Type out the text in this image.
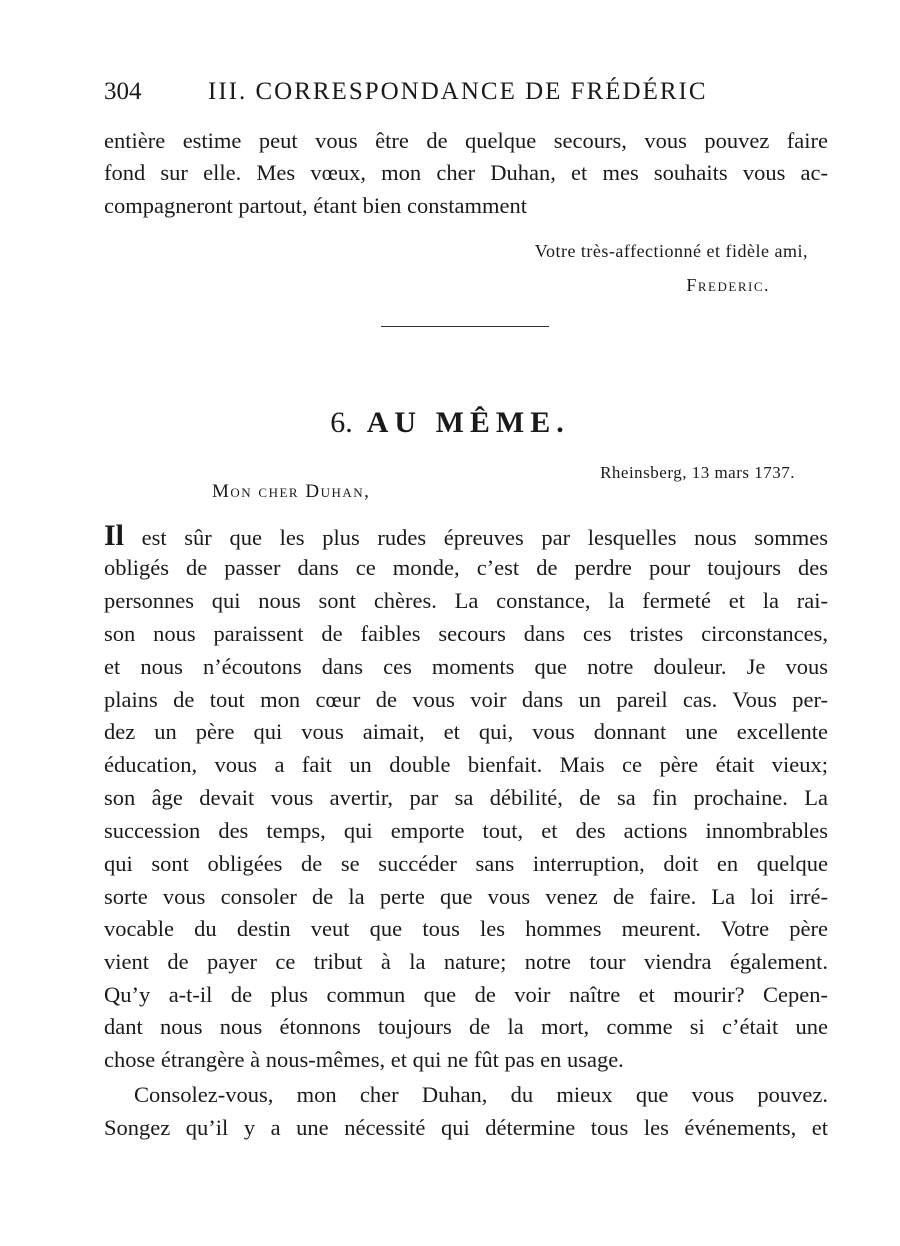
304	III. CORRESPONDANCE DE FRÉDÉRIC
entière estime peut vous être de quelque secours, vous pouvez faire
fond sur elle. Mes vœux, mon cher Duhan, et mes souhaits vous ac-
compagneront partout, étant bien constamment
Votre très-affectionné et fidèle ami,
Frederic.
6. AU MÊME.
Rheinsberg, 13 mars 1737.
Mon cher Duhan,
Il est sûr que les plus rudes épreuves par lesquelles nous sommes
obligés de passer dans ce monde, c’est de perdre pour toujours des
personnes qui nous sont chères. La constance, la fermeté et la rai-
son nous paraissent de faibles secours dans ces tristes circonstances,
et nous n’écoutons dans ces moments que notre douleur. Je vous
plains de tout mon cœur de vous voir dans un pareil cas. Vous per-
dez un père qui vous aimait, et qui, vous donnant une excellente
éducation, vous a fait un double bienfait. Mais ce père était vieux;
son âge devait vous avertir, par sa débilité, de sa fin prochaine. La
succession des temps, qui emporte tout, et des actions innombrables
qui sont obligées de se succéder sans interruption, doit en quelque
sorte vous consoler de la perte que vous venez de faire. La loi irré-
vocable du destin veut que tous les hommes meurent. Votre père
vient de payer ce tribut à la nature; notre tour viendra également.
Qu’y a-t-il de plus commun que de voir naître et mourir? Cepen-
dant nous nous étonnons toujours de la mort, comme si c’était une
chose étrangère à nous-mêmes, et qui ne fût pas en usage.
Consolez-vous, mon cher Duhan, du mieux que vous pouvez.
Songez qu’il y a une nécessité qui détermine tous les événements, et
